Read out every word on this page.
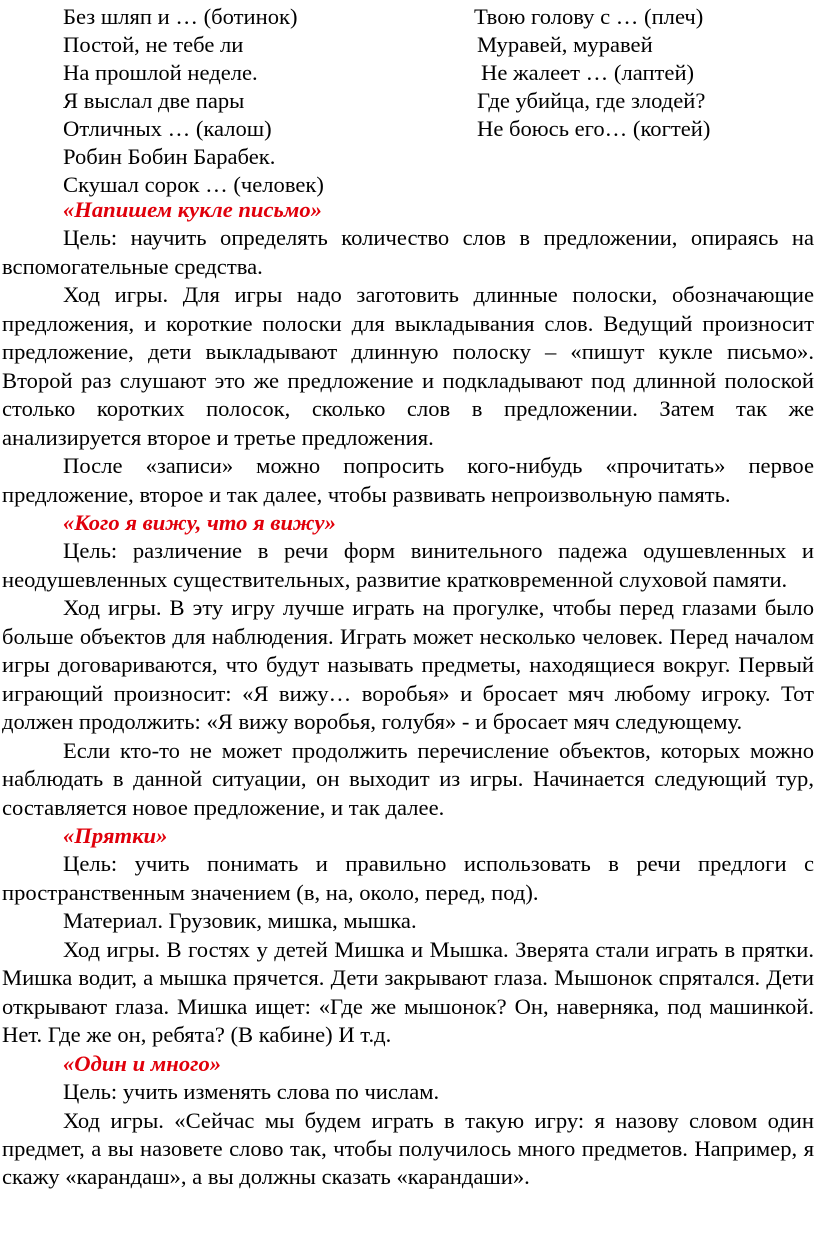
Без шляп и … (ботинок)
Постой, не тебе ли
На прошлой неделе.
Я выслал две пары
Отличных … (калош)
Робин Бобин Барабек.
Скушал сорок … (человек)
Твою голову с … (плеч)
Муравей, муравей
Не жалеет … (лаптей)
Где убийца, где злодей?
Не боюсь его… (когтей)

«Напишем кукле письмо»

Цель: научить определять количество слов в предложении, опираясь на вспомогательные средства.

Ход игры. Для игры надо заготовить длинные полоски, обозначающие предложения, и короткие полоски для выкладывания слов. Ведущий произносит предложение, дети выкладывают длинную полоску – «пишут кукле письмо». Второй раз слушают это же предложение и подкладывают под длинной полоской столько коротких полосок, сколько слов в предложении. Затем так же анализируется второе и третье предложения.

После «записи» можно попросить кого-нибудь «прочитать» первое предложение, второе и так далее, чтобы развивать непроизвольную память.

«Кого я вижу, что я вижу»

Цель: различение в речи форм винительного падежа одушевленных и неодушевленных существительных, развитие кратковременной слуховой памяти.

Ход игры. В эту игру лучше играть на прогулке, чтобы перед глазами было больше объектов для наблюдения. Играть может несколько человек. Перед началом игры договариваются, что будут называть предметы, находящиеся вокруг. Первый играющий произносит: «Я вижу… воробья» и бросает мяч любому игроку. Тот должен продолжить: «Я вижу воробья, голубя» - и бросает мяч следующему.

Если кто-то не может продолжить перечисление объектов, которых можно наблюдать в данной ситуации, он выходит из игры. Начинается следующий тур, составляется новое предложение, и так далее.

«Прятки»

Цель: учить понимать и правильно использовать в речи предлоги с пространственным значением (в, на, около, перед, под).

Материал. Грузовик, мишка, мышка.

Ход игры. В гостях у детей Мишка и Мышка. Зверята стали играть в прятки. Мишка водит, а мышка прячется. Дети закрывают глаза. Мышонок спрятался. Дети открывают глаза. Мишка ищет: «Где же мышонок? Он, наверняка, под машинкой. Нет. Где же он, ребята? (В кабине) И т.д.

«Один и много»

Цель: учить изменять слова по числам.

Ход игры. «Сейчас мы будем играть в такую игру: я назову словом один предмет, а вы назовете слово так, чтобы получилось много предметов. Например, я скажу «карандаш», а вы должны сказать «карандаши».
